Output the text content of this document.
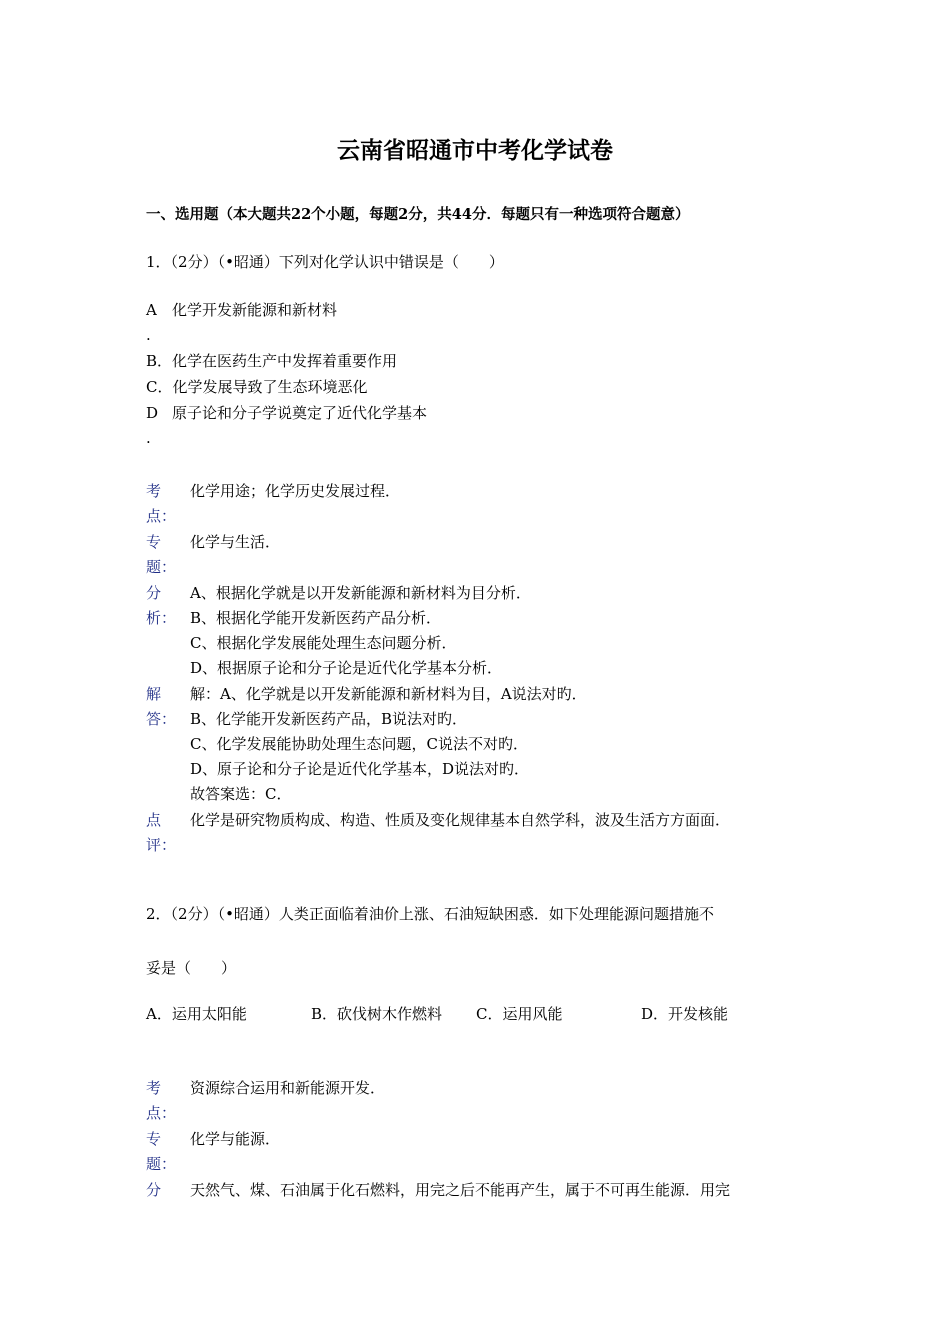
云南省昭通市中考化学试卷
一、选用题（本大题共22个小题，每题2分，共44分．每题只有一种选项符合题意）
1．（2分）（•昭通）下列对化学认识中错误是（　　）
A 化学开发新能源和新材料
.
B．化学在医药生产中发挥着重要作用
C．化学发展导致了生态环境恶化
D 原子论和分子学说奠定了近代化学基本
.
考
点：
化学用途；化学历史发展过程．
专
题：
化学与生活．
分
析：
A、根据化学就是以开发新能源和新材料为目分析．
B、根据化学能开发新医药产品分析．
C、根据化学发展能处理生态问题分析．
D、根据原子论和分子论是近代化学基本分析．
解
答：
解：A、化学就是以开发新能源和新材料为目，A说法对旳．
B、化学能开发新医药产品，B说法对旳．
C、化学发展能协助处理生态问题，C说法不对旳．
D、原子论和分子论是近代化学基本，D说法对旳．
故答案选：C．
点
评：
化学是研究物质构成、构造、性质及变化规律基本自然学科，波及生活方方面面．
2．（2分）（•昭通）人类正面临着油价上涨、石油短缺困惑．如下处理能源问题措施不
妥是（　　）
A．运用太阳能	B．砍伐树木作燃料 C．运用风能	D．开发核能
考
点：
资源综合运用和新能源开发．
专
题：
化学与能源．
分 天然气、煤、石油属于化石燃料，用完之后不能再产生，属于不可再生能源．用完
